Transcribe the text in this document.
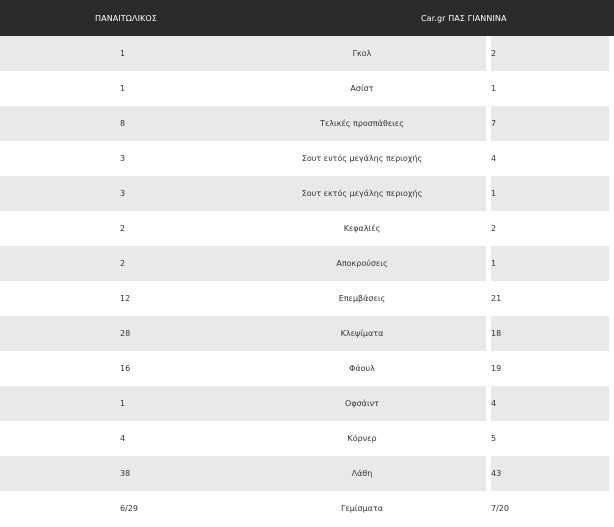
ΠΑΝΑΙΤΩΛΙΚΟΣ		Car.gr ΠΑΣ ΓΙΑΝΝΙΝΑ
1	Γκολ	2
1	Ασίστ	1
8	Τελικές προσπάθειες	7
3	Σουτ εντός μεγάλης περιοχής	4
3	Σουτ εκτός μεγάλης περιοχής	1
2	Κεφαλιές	2
2	Αποκρούσεις	1
12	Επεμβάσεις	21
28	Κλεψίματα	18
16	Φάουλ	19
1	Οφσάιντ	4
4	Κόρνερ	5
38	Λάθη	43
6/29	Γεμίσματα	7/20
